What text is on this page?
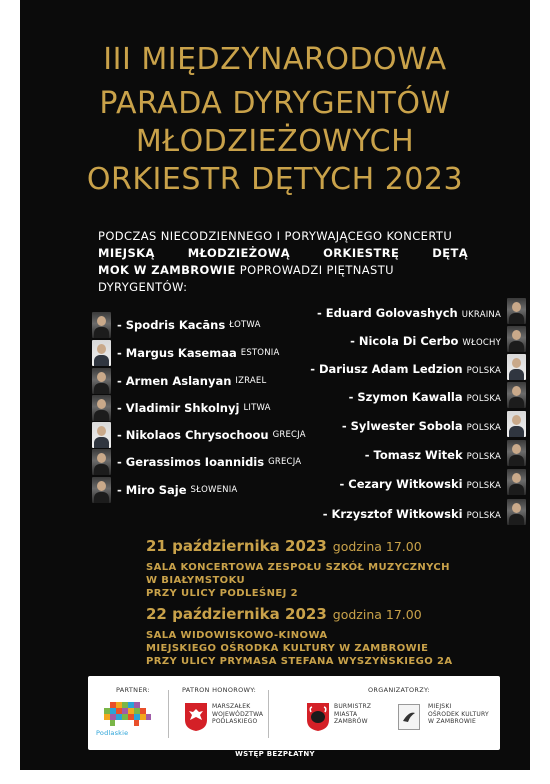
III MIĘDZYNARODOWA
PARADA DYRYGENTÓW
MŁODZIEŻOWYCH
ORKIESTR DĘTYCH 2023
PODCZAS NIECODZIENNEGO I PORYWAJĄCEGO KONCERTU
MIEJSKĄ MŁODZIEŻOWĄ ORKIESTRĘ DĘTĄ
MOK W ZAMBROWIE POPROWADZI PIĘTNASTU
DYRYGENTÓW:
- Spodris Kacāns ŁOTWA
- Margus Kasemaa ESTONIA
- Armen Aslanyan IZRAEL
- Vladimir Shkolnyj LITWA
- Nikolaos Chrysochoou GRECJA
- Gerassimos Ioannidis GRECJA
- Miro Saje SŁOWENIA
- Eduard Golovashych UKRAINA
- Nicola Di Cerbo WŁOCHY
- Dariusz Adam Ledzion POLSKA
- Szymon Kawalla POLSKA
- Sylwester Sobola POLSKA
- Tomasz Witek POLSKA
- Cezary Witkowski POLSKA
- Krzysztof Witkowski POLSKA
21 października 2023 godzina 17.00
SALA KONCERTOWA ZESPOŁU SZKÓŁ MUZYCZNYCH
W BIAŁYMSTOKU
PRZY ULICY PODLEŚNEJ 2
22 października 2023 godzina 17.00
SALA WIDOWISKOWO-KINOWA
MIEJSKIEGO OŚRODKA KULTURY W ZAMBROWIE
PRZY ULICY PRYMASA STEFANA WYSZYŃSKIEGO 2A
PARTNER:
Podlaskie
PATRON HONOROWY:
MARSZAŁEK
WOJEWÓDZTWA
PODLASKIEGO
ORGANIZATORZY:
BURMISTRZ
MIASTA
ZAMBRÓW
MIEJSKI
OŚRODEK KULTURY
W ZAMBROWIE
WSTĘP BEZPŁATNY
